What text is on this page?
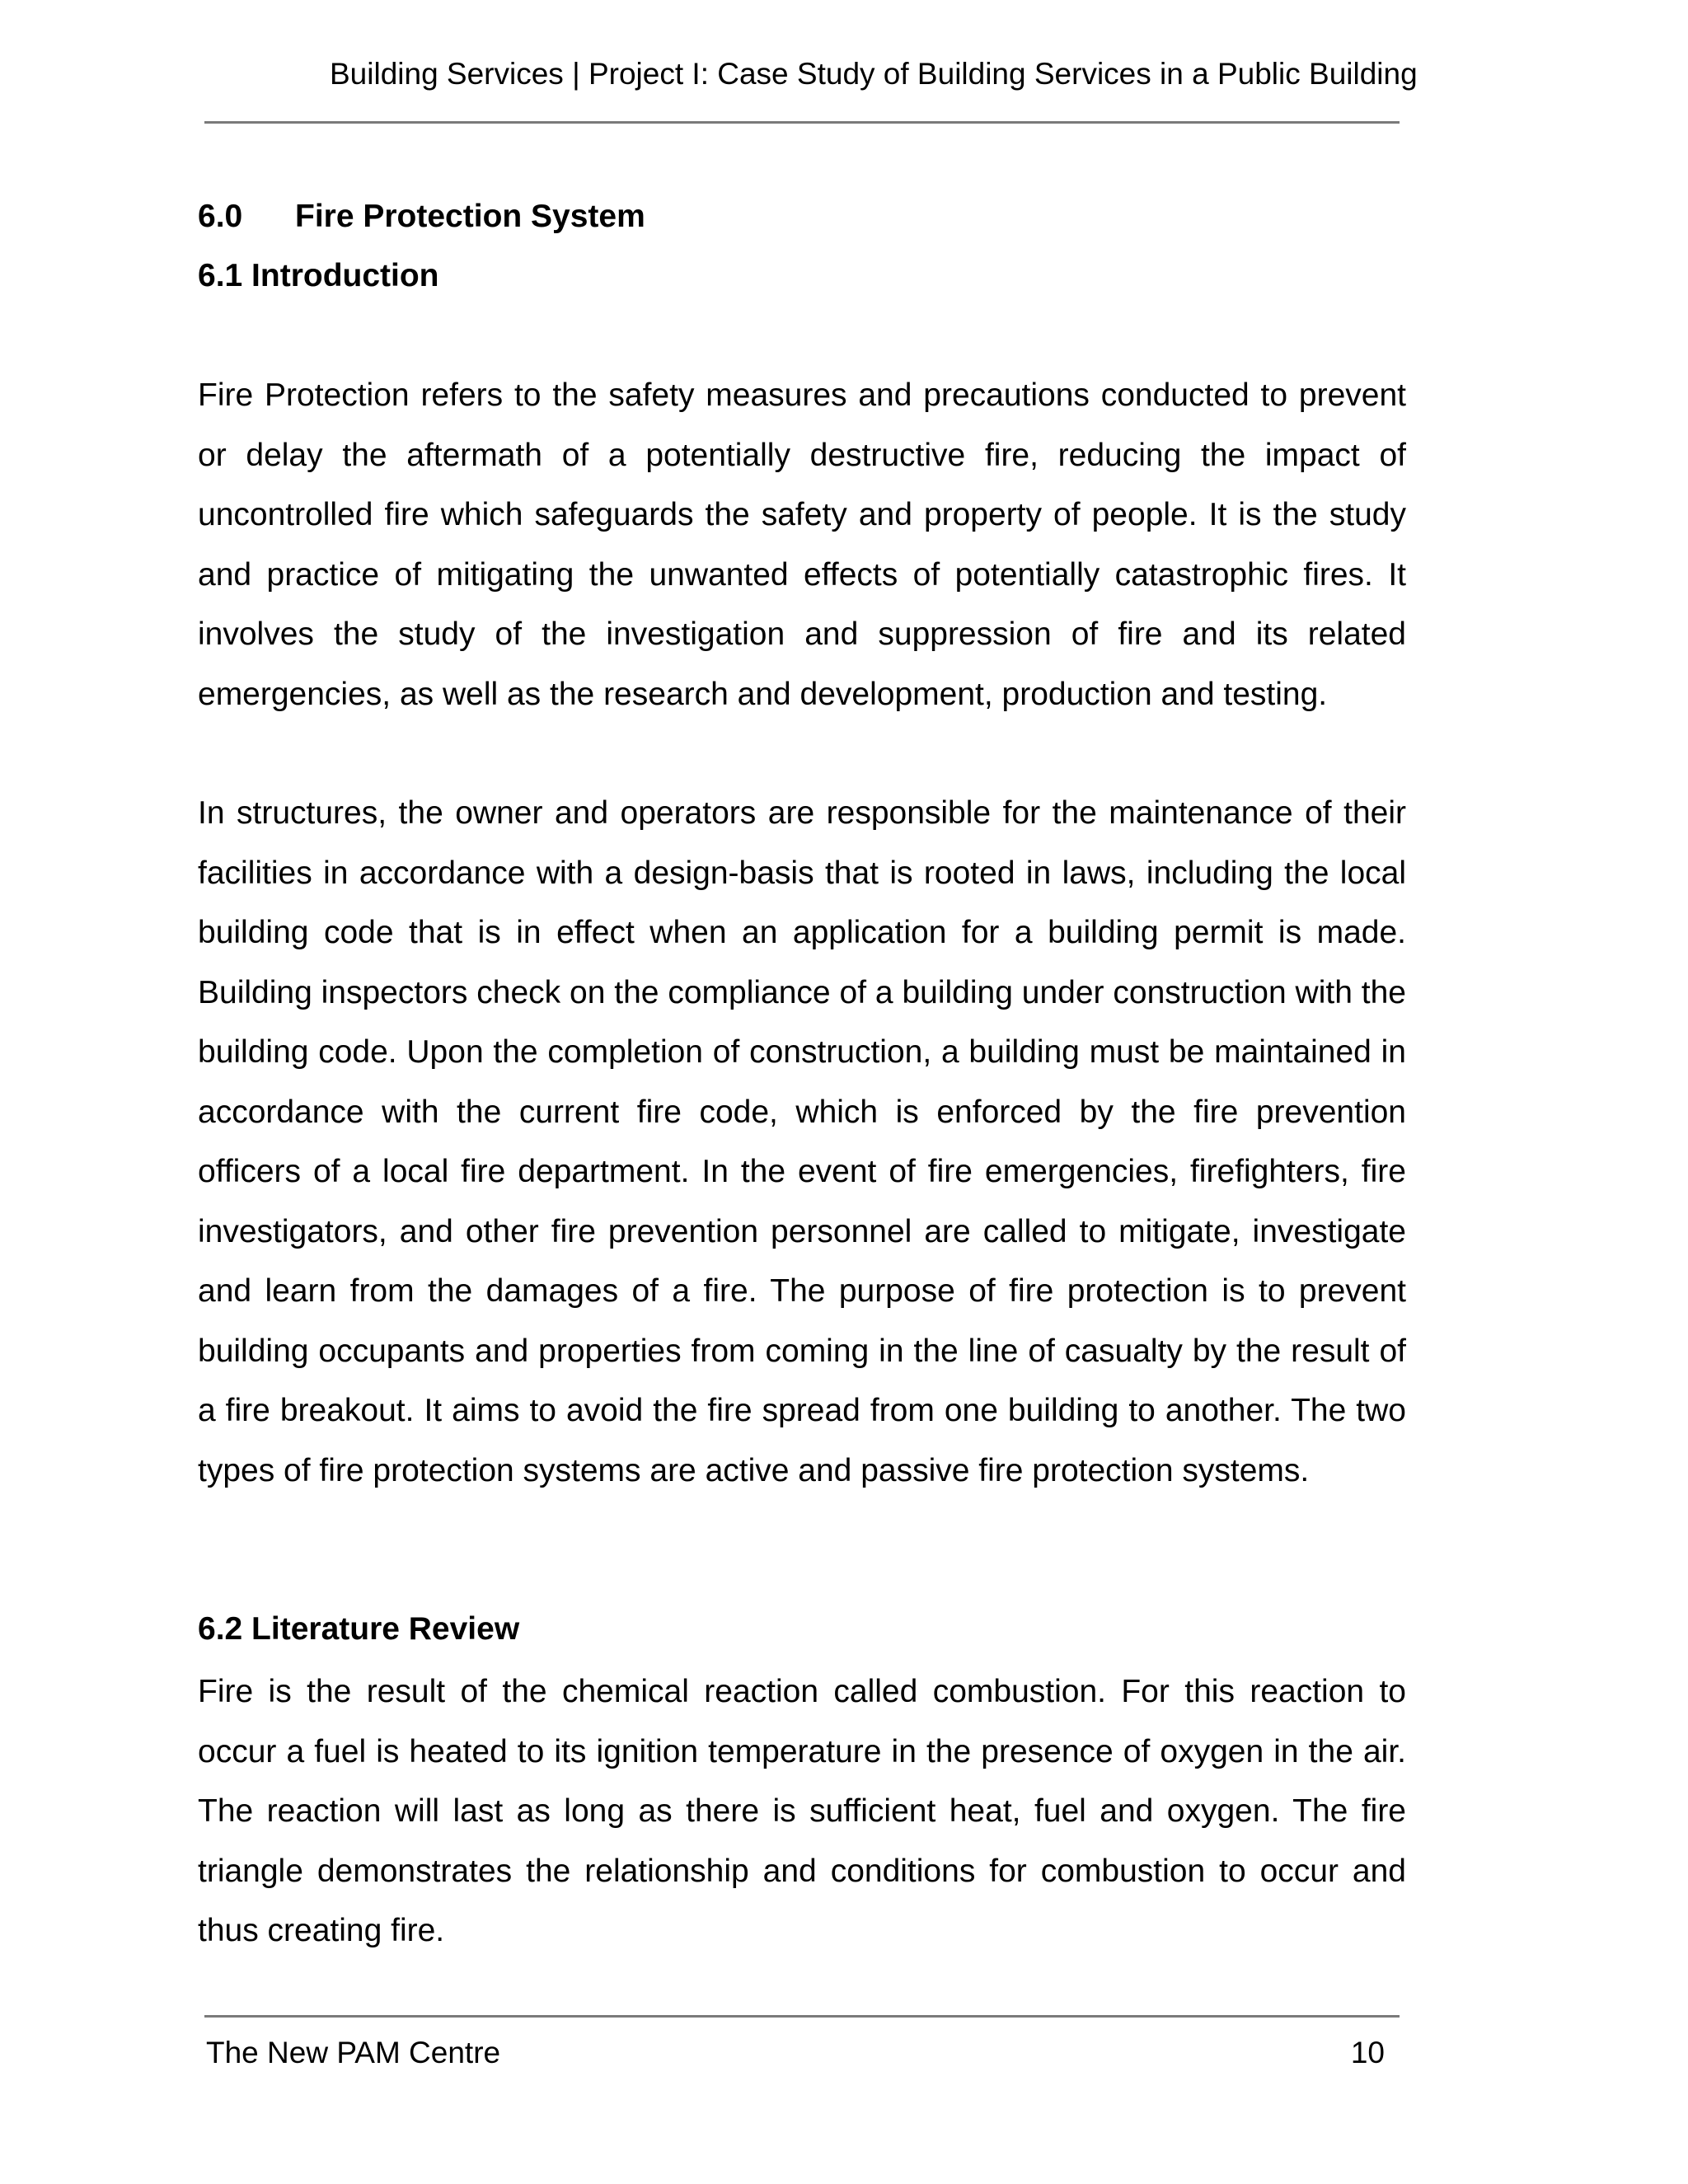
Building Services | Project I: Case Study of Building Services in a Public Building
6.0 Fire Protection System
6.1 Introduction

Fire Protection refers to the safety measures and precautions conducted to prevent or delay the aftermath of a potentially destructive fire, reducing the impact of uncontrolled fire which safeguards the safety and property of people. It is the study and practice of mitigating the unwanted effects of potentially catastrophic fires. It involves the study of the investigation and suppression of fire and its related emergencies, as well as the research and development, production and testing.

In structures, the owner and operators are responsible for the maintenance of their facilities in accordance with a design-basis that is rooted in laws, including the local building code that is in effect when an application for a building permit is made. Building inspectors check on the compliance of a building under construction with the building code. Upon the completion of construction, a building must be maintained in accordance with the current fire code, which is enforced by the fire prevention officers of a local fire department. In the event of fire emergencies, firefighters, fire investigators, and other fire prevention personnel are called to mitigate, investigate and learn from the damages of a fire. The purpose of fire protection is to prevent building occupants and properties from coming in the line of casualty by the result of a fire breakout. It aims to avoid the fire spread from one building to another. The two types of fire protection systems are active and passive fire protection systems.

6.2 Literature Review

Fire is the result of the chemical reaction called combustion. For this reaction to occur a fuel is heated to its ignition temperature in the presence of oxygen in the air. The reaction will last as long as there is sufficient heat, fuel and oxygen. The fire triangle demonstrates the relationship and conditions for combustion to occur and thus creating fire.

The New PAM Centre	10
